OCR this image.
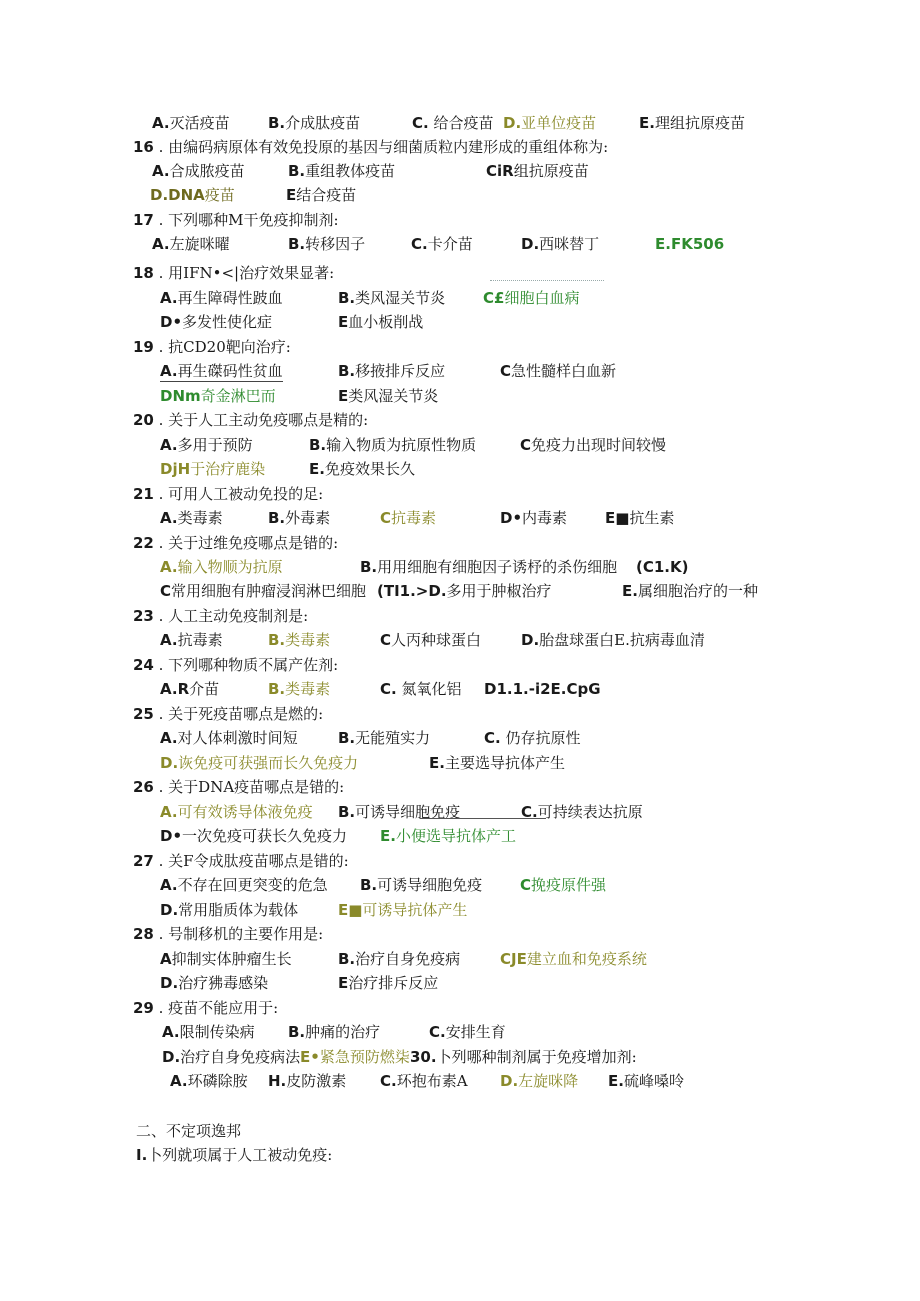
A.灭活疫苗	B.介成肽疫苗	C. 给合疫苗 D.亚单位疫苗	E.理组抗原疫苗
16 . 由编码病原体有效免投原的基因与细菌质粒内建形成的重组体称为:
A.合成脓疫苗	B.重组教体疫苗	CiR组抗原疫苗
D.DNA疫苗	E结合疫苗
17 . 下列哪种M干免疫抑制剂:
A.左旋咪曜	B.转移因子	C.卡介苗	D.西咪替丁	E.FK506
18 . 用IFN•<|治疗效果显著:
A.再生障碍性跛血	B.类风湿关节炎	C£细胞白血病
D•多发性使化症	E血小板削战
19 . 抗CD20靶向治疗:
A.再生磔码性贫血	B.移掖排斥反应	C急性髓样白血新
DNm奇金淋巴而	E类风湿关节炎
20 . 关于人工主动免疫哪点是精的:
A.多用于预防	B.输入物质为抗原性物质	C免疫力出现时间较慢
DjH于治疗鹿染	E.免疫效果长久
21 . 可用人工被动免投的足:
A.类毒素	B.外毒素	C抗毒素	D•内毒素	E■抗生素
22 . 关于过维免疫哪点是错的:
A.输入物顺为抗原	B.用用细胞有细胞因子诱杼的杀伤细胞 (C1.K)
C常用细胞有肿瘤浸润淋巴细胞 (TI1.>D.多用于肿椒治疗	E.属细胞治疗的一种
23 . 人工主动免疫制剂是:
A.抗毒素	B.类毒素	C人丙种球蛋白	D.胎盘球蛋白E.抗病毒血清
24 . 下列哪种物质不属产佐剂:
A.R介苗	B.类毒素	C. 氮氧化铝 D1.1.-i2E.CpG
25 . 关于死疫苗哪点是燃的:
A.对人体刺激时间短	B.无能殖实力	C. 仍存抗原性
D.诙免疫可获强而长久免疫力	E.主要选导抗体产生
26 . 关于DNA疫苗哪点是错的:
A.可有效诱导体液免疫 B.可诱导细胞免疫	C.可持续表达抗原
D•一次免疫可获长久免疫力 E.小便选导抗体产工
27 . 关F令成肽疫苗哪点是错的:
A.不存在回更突变的危急 B.可诱导细胞免疫	C挽疫原件强
D.常用脂质体为载体	E■可诱导抗体产生
28 . 号制移机的主要作用是:
A抑制实体肿瘤生长	B.治疗自身免疫病	CJE建立血和免疫系统
D.治疗狒毒感染	E治疗排斥反应
29 . 疫苗不能应用于:
A.限制传染病 B.肿痛的治疗	C.安排生育
D.治疗自身免疫病法 E•紧急预防燃柒 30.卜列哪种制剂属于免疫增加剂:
A.环磷除胺 H.皮防激素 C.环抱布素A D.左旋咪降 E.硫峰嗓呤
二、不定项逸邦
I.卜列就项属于人工被动免疫:
